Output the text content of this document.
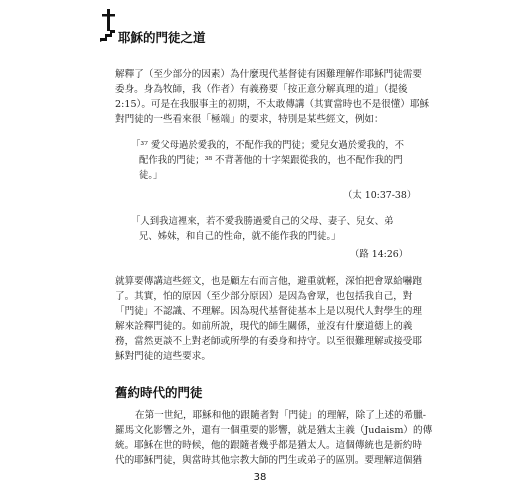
耶穌的門徒之道
解釋了（至少部分的因素）為什麼現代基督徒有困難理解作耶穌門徒需要
委身。身為牧師，我（作者）有義務要「按正意分解真理的道」（提後
2:15）。可是在我服事主的初期，不太敢傳講（其實當時也不是很懂）耶穌
對門徒的一些看來很「極端」的要求，特別是某些經文，例如：
「³⁷ 愛父母過於愛我的，不配作我的門徒；愛兒女過於愛我的，不
配作我的門徒；³⁸ 不背著他的十字架跟從我的，也不配作我的門
徒。」
（太 10:37-38）
「人到我這裡來，若不愛我勝過愛自己的父母、妻子、兒女、弟
兄、姊妹，和自己的性命，就不能作我的門徒。」
（路 14:26）
就算要傳講這些經文，也是顧左右而言他，避重就輕，深怕把會眾給嚇跑
了。其實，怕的原因（至少部分原因）是因為會眾，也包括我自己，對
「門徒」不認識、不理解。因為現代基督徒基本上是以現代人對學生的理
解來詮釋門徒的。如前所說，現代的師生關係，並沒有什麼道德上的義
務，當然更談不上對老師或所學的有委身和持守。以至很難理解或接受耶
穌對門徒的這些要求。
舊約時代的門徒
在第一世紀，耶穌和他的跟隨者對「門徒」的理解，除了上述的希臘-
羅馬文化影響之外，還有一個重要的影響，就是猶太主義（Judaism）的傳
統。耶穌在世的時候，他的跟隨者幾乎都是猶太人。這個傳統也是新約時
代的耶穌門徒，與當時其他宗教大師的門生或弟子的區別。要理解這個猶
38
